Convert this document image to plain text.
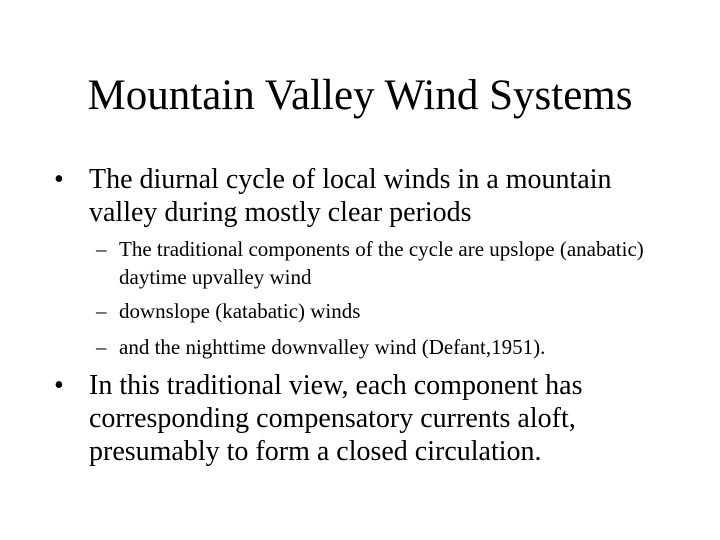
Mountain Valley Wind Systems
• The diurnal cycle of local winds in a mountain valley during mostly clear periods
– The traditional components of the cycle are upslope (anabatic) daytime upvalley wind
– downslope (katabatic) winds
– and the nighttime downvalley wind (Defant,1951).
• In this traditional view, each component has corresponding compensatory currents aloft, presumably to form a closed circulation.
